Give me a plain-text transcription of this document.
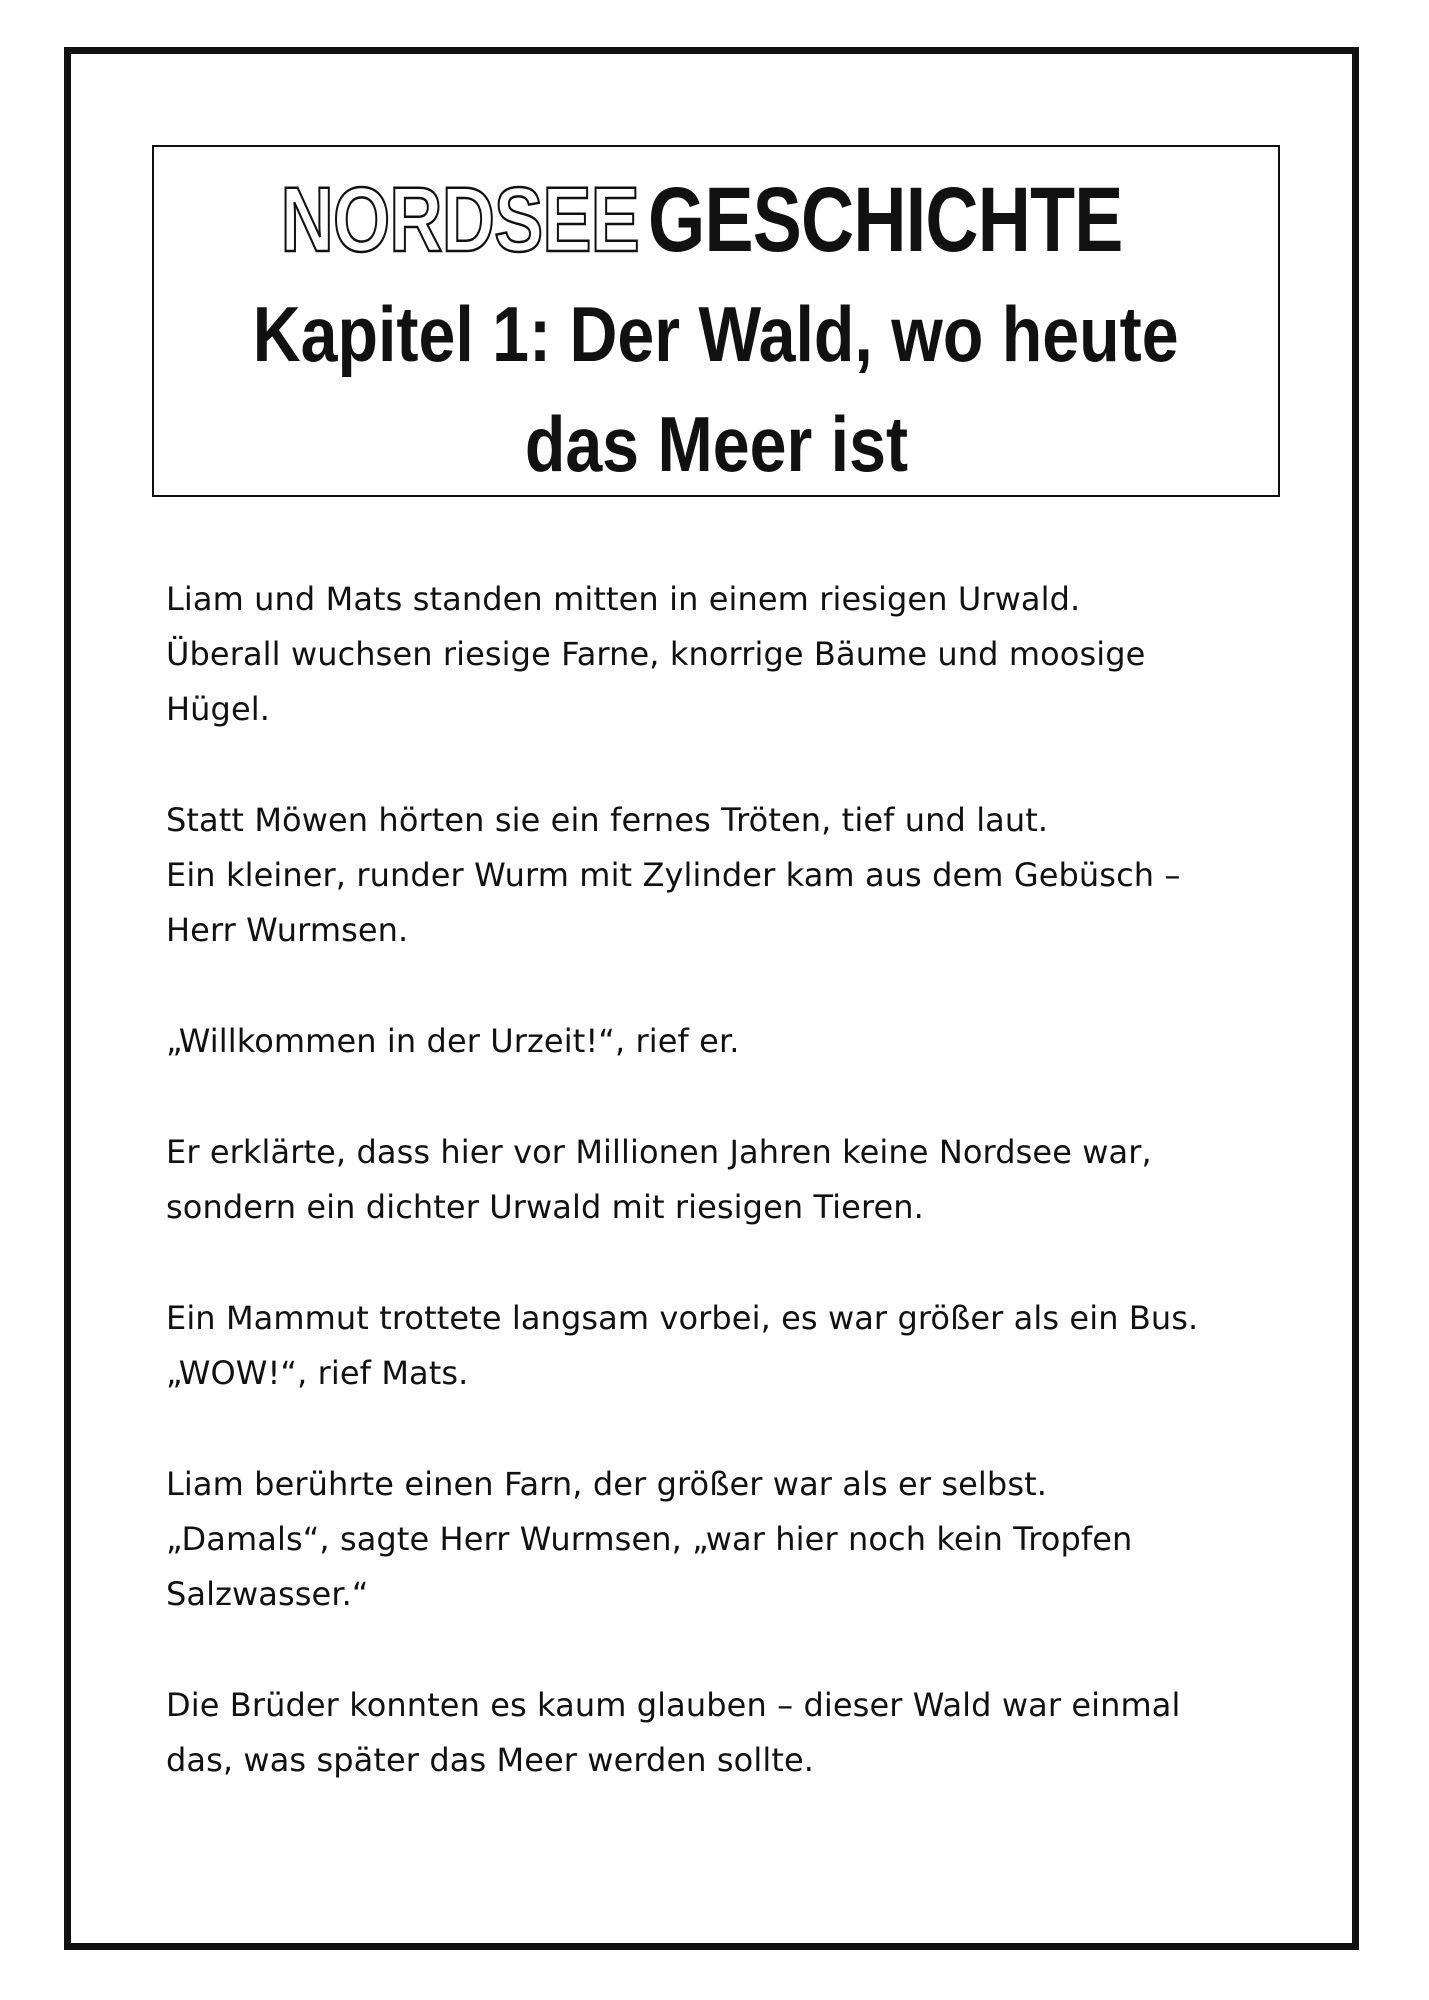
NORDSEE GESCHICHTE
Kapitel 1: Der Wald, wo heute
das Meer ist
Liam und Mats standen mitten in einem riesigen Urwald.
Überall wuchsen riesige Farne, knorrige Bäume und moosige
Hügel.
Statt Möwen hörten sie ein fernes Tröten, tief und laut.
Ein kleiner, runder Wurm mit Zylinder kam aus dem Gebüsch –
Herr Wurmsen.
„Willkommen in der Urzeit!“, rief er.
Er erklärte, dass hier vor Millionen Jahren keine Nordsee war,
sondern ein dichter Urwald mit riesigen Tieren.
Ein Mammut trottete langsam vorbei, es war größer als ein Bus.
„WOW!“, rief Mats.
Liam berührte einen Farn, der größer war als er selbst.
„Damals“, sagte Herr Wurmsen, „war hier noch kein Tropfen
Salzwasser.“
Die Brüder konnten es kaum glauben – dieser Wald war einmal
das, was später das Meer werden sollte.
